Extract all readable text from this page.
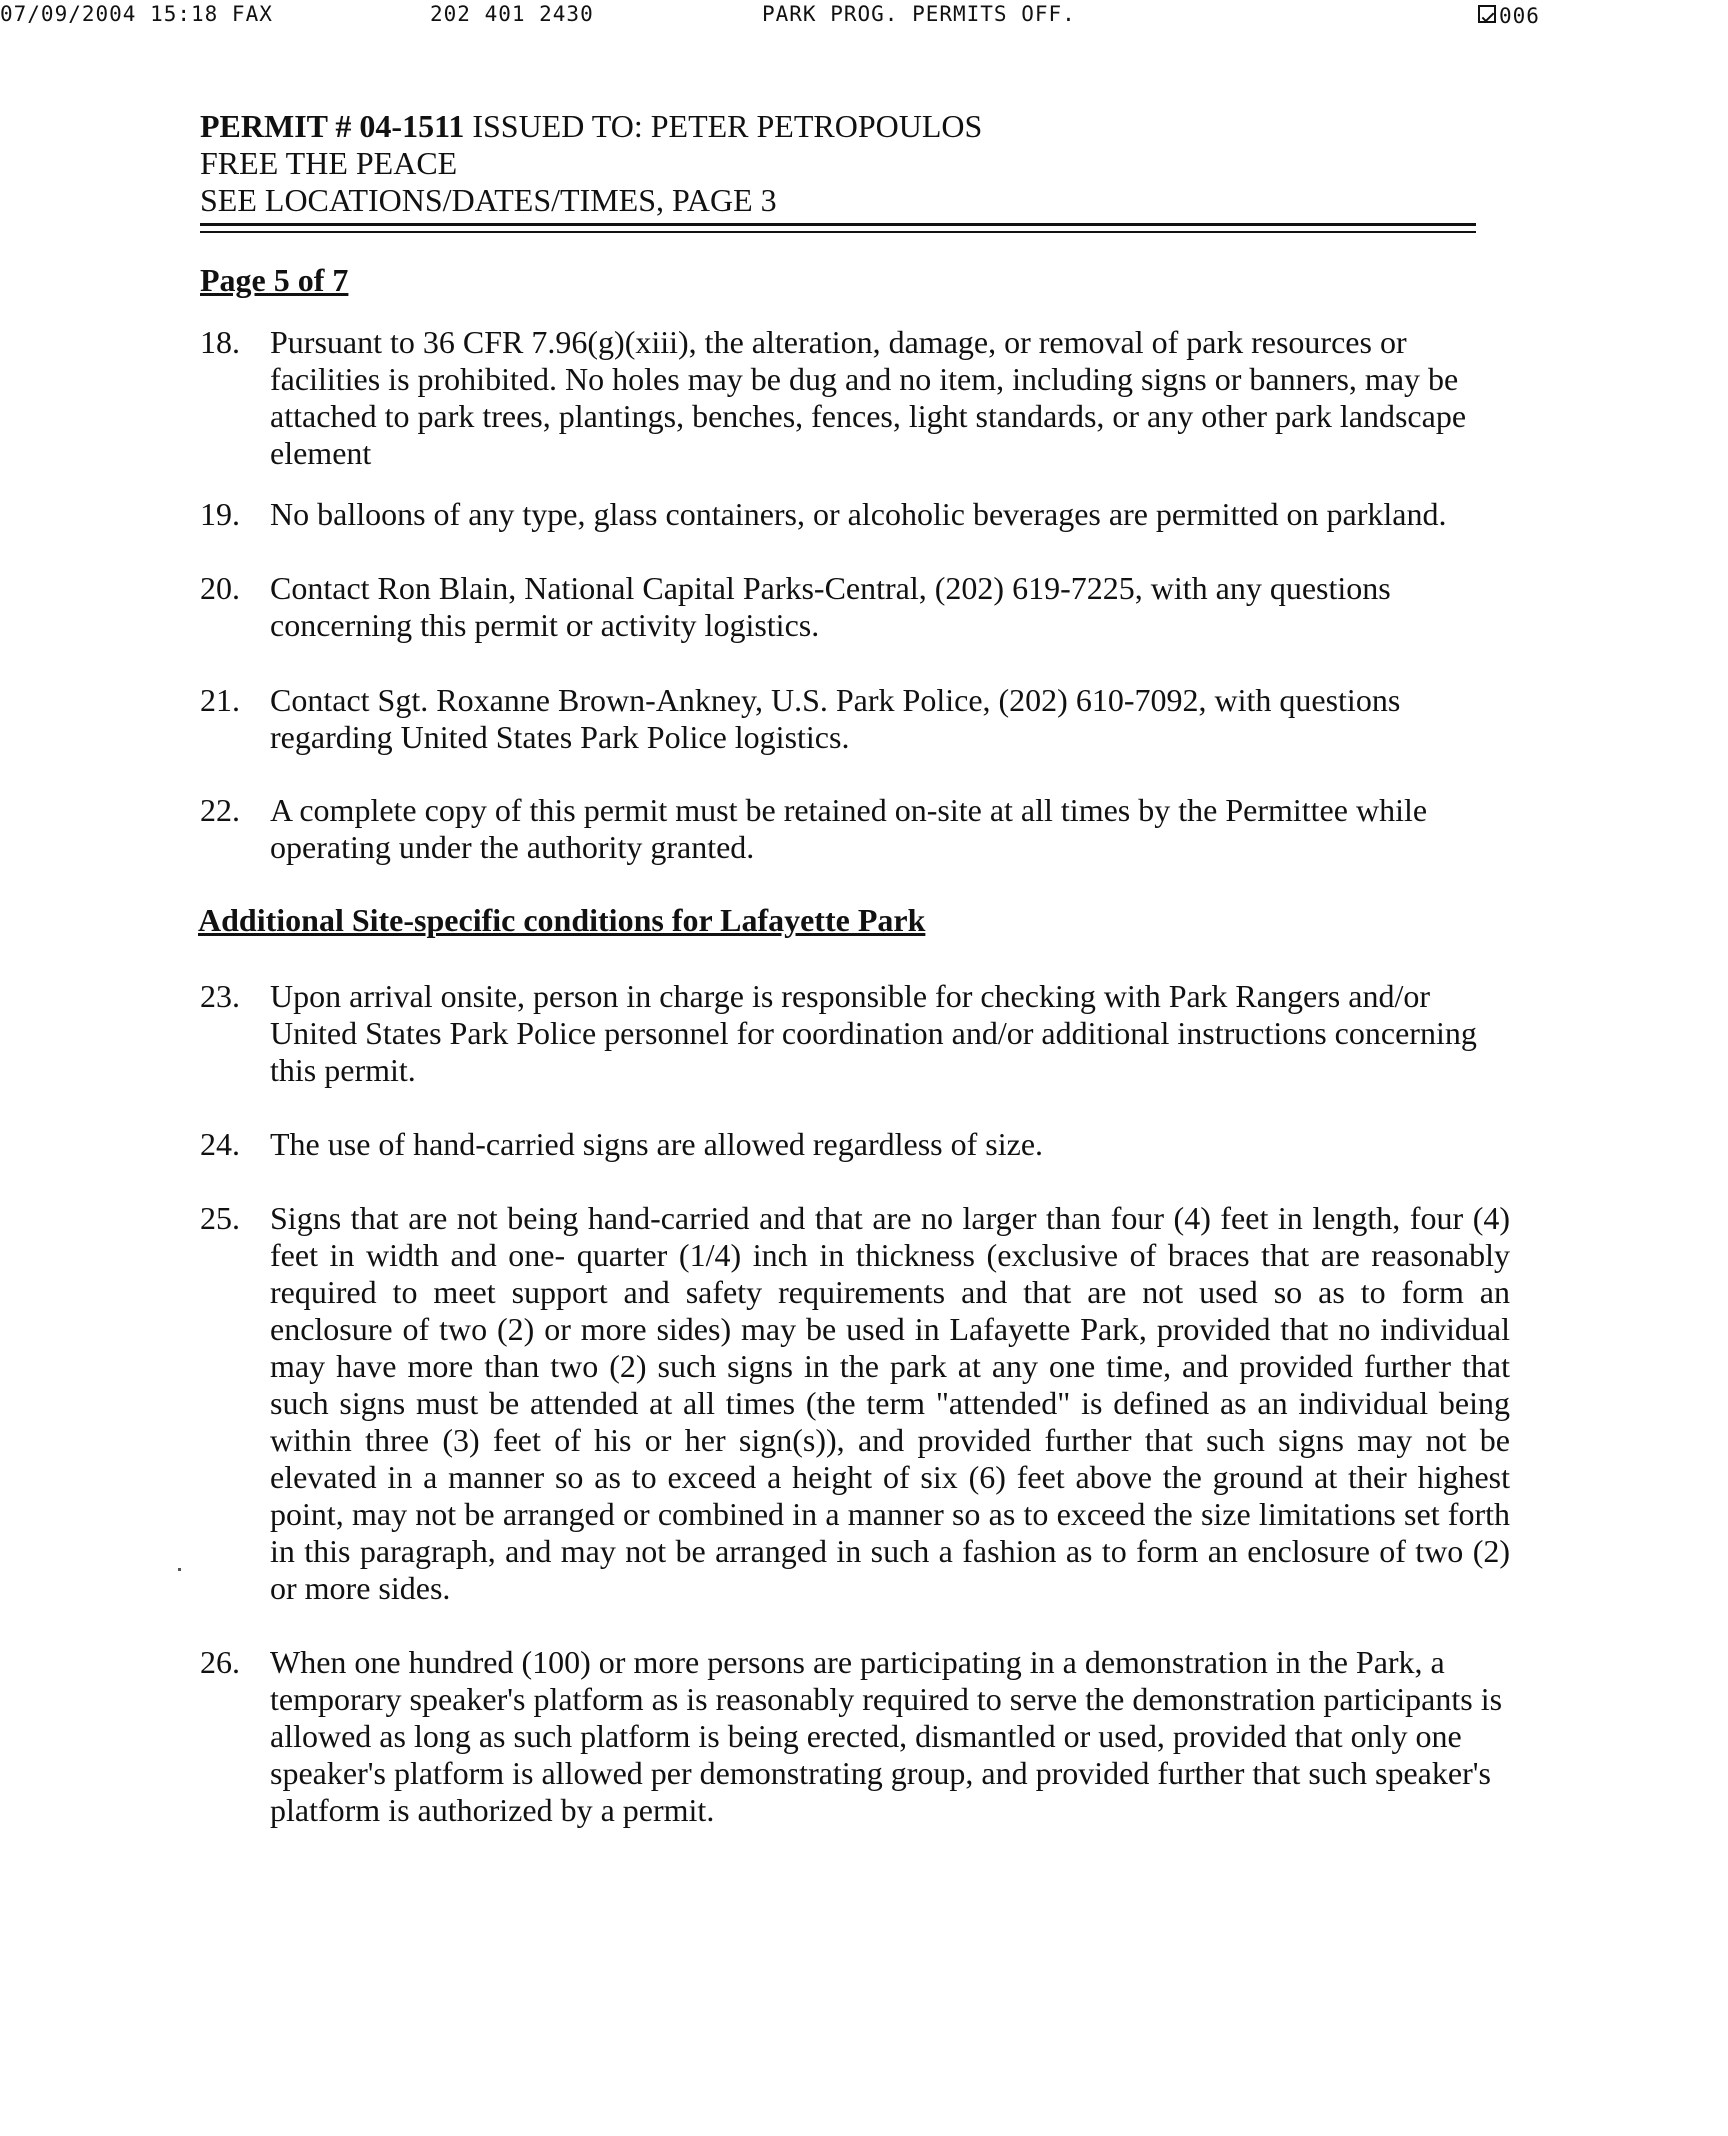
07/09/2004 15:18 FAX	202 401 2430	PARK PROG. PERMITS OFF.	006
PERMIT # 04-1511 ISSUED TO: PETER PETROPOULOS
FREE THE PEACE
SEE LOCATIONS/DATES/TIMES, PAGE 3
Page 5 of 7
18. Pursuant to 36 CFR 7.96(g)(xiii), the alteration, damage, or removal of park resources or facilities is prohibited. No holes may be dug and no item, including signs or banners, may be attached to park trees, plantings, benches, fences, light standards, or any other park landscape element
19. No balloons of any type, glass containers, or alcoholic beverages are permitted on parkland.
20. Contact Ron Blain, National Capital Parks-Central, (202) 619-7225, with any questions concerning this permit or activity logistics.
21. Contact Sgt. Roxanne Brown-Ankney, U.S. Park Police, (202) 610-7092, with questions regarding United States Park Police logistics.
22. A complete copy of this permit must be retained on-site at all times by the Permittee while operating under the authority granted.
Additional Site-specific conditions for Lafayette Park
23. Upon arrival onsite, person in charge is responsible for checking with Park Rangers and/or United States Park Police personnel for coordination and/or additional instructions concerning this permit.
24. The use of hand-carried signs are allowed regardless of size.
25. Signs that are not being hand-carried and that are no larger than four (4) feet in length, four (4) feet in width and one- quarter (1/4) inch in thickness (exclusive of braces that are reasonably required to meet support and safety requirements and that are not used so as to form an enclosure of two (2) or more sides) may be used in Lafayette Park, provided that no individual may have more than two (2) such signs in the park at any one time, and provided further that such signs must be attended at all times (the term "attended" is defined as an individual being within three (3) feet of his or her sign(s)), and provided further that such signs may not be elevated in a manner so as to exceed a height of six (6) feet above the ground at their highest point, may not be arranged or combined in a manner so as to exceed the size limitations set forth in this paragraph, and may not be arranged in such a fashion as to form an enclosure of two (2) or more sides.
26. When one hundred (100) or more persons are participating in a demonstration in the Park, a temporary speaker's platform as is reasonably required to serve the demonstration participants is allowed as long as such platform is being erected, dismantled or used, provided that only one speaker's platform is allowed per demonstrating group, and provided further that such speaker's platform is authorized by a permit.
